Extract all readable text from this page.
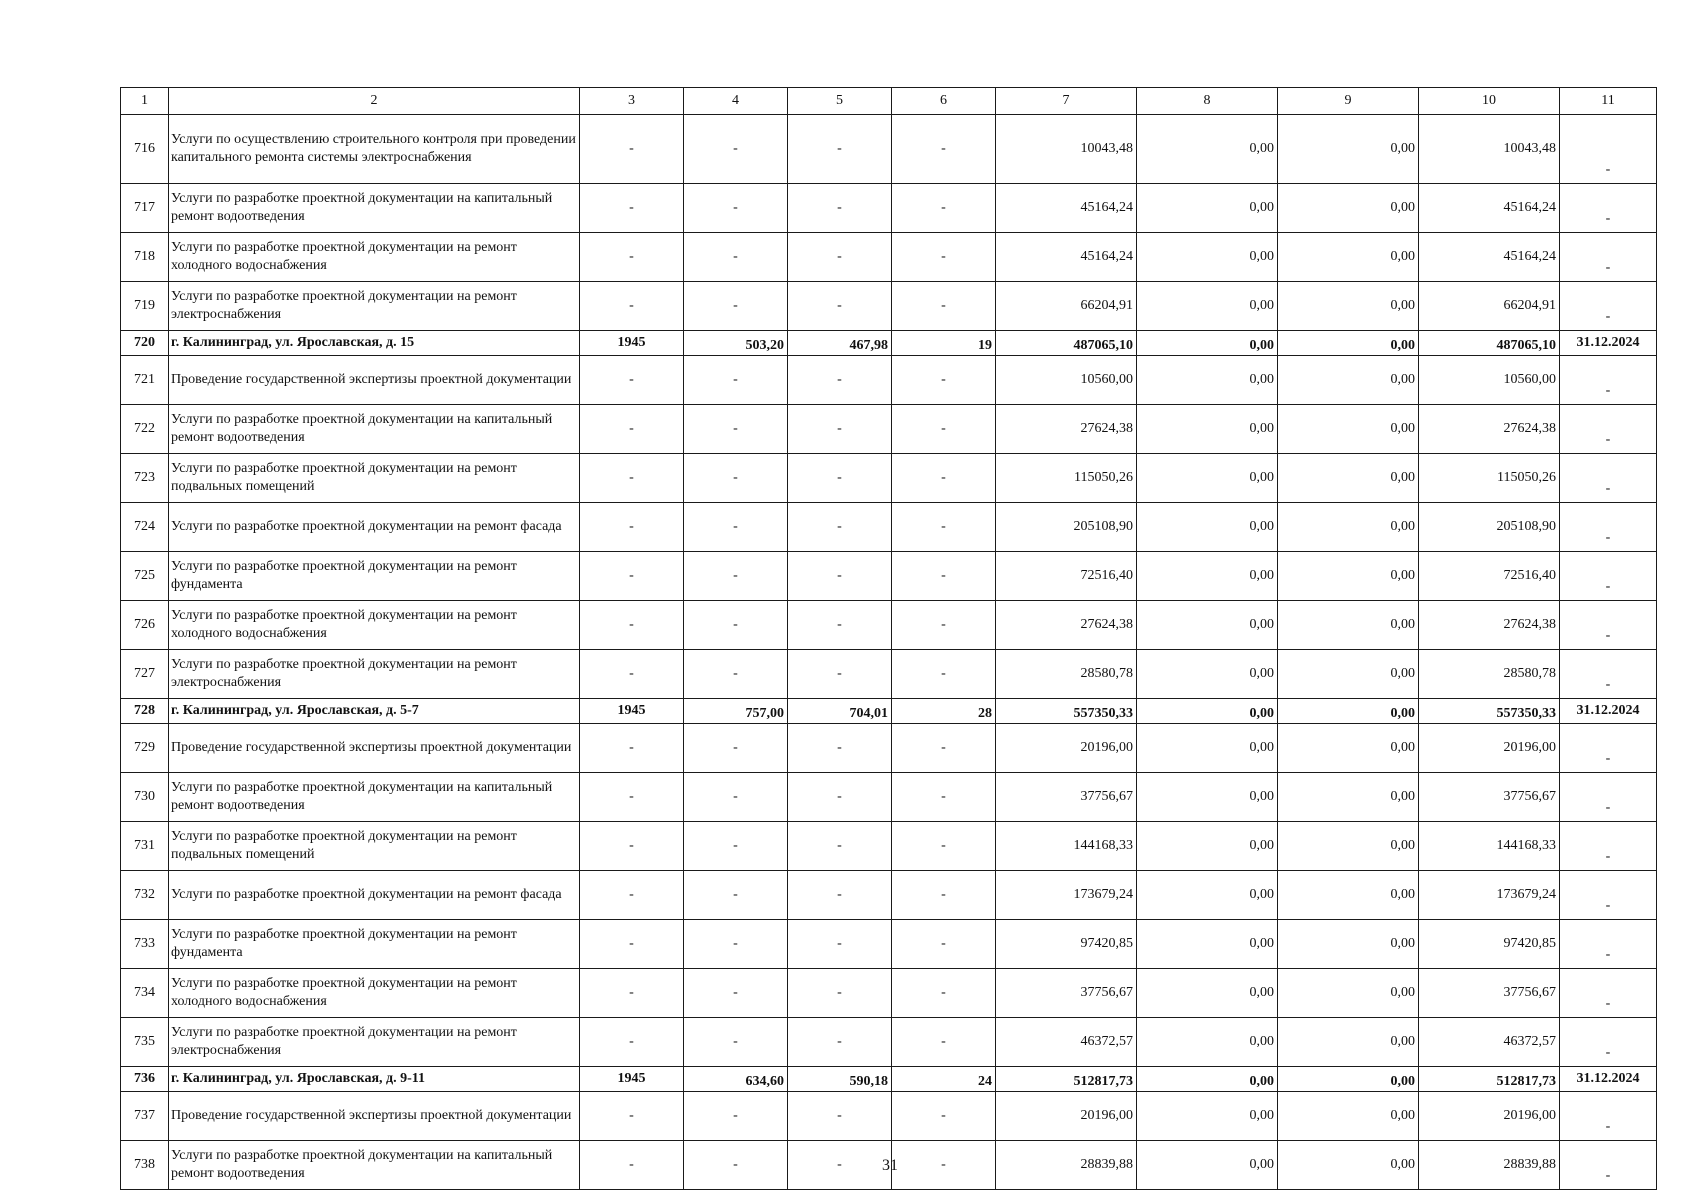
1	2	3	4	5	6	7	8	9	10	11
716	Услуги по осуществлению строительного контроля при проведении капитального ремонта системы электроснабжения	-	-	-	-	10043,48	0,00	0,00	10043,48	-
717	Услуги по разработке проектной документации на капитальный ремонт водоотведения	-	-	-	-	45164,24	0,00	0,00	45164,24	-
718	Услуги по разработке проектной документации на ремонт холодного водоснабжения	-	-	-	-	45164,24	0,00	0,00	45164,24	-
719	Услуги по разработке проектной документации на ремонт электроснабжения	-	-	-	-	66204,91	0,00	0,00	66204,91	-
720	г. Калининград, ул. Ярославская, д. 15	1945	503,20	467,98	19	487065,10	0,00	0,00	487065,10	31.12.2024
721	Проведение государственной экспертизы проектной документации	-	-	-	-	10560,00	0,00	0,00	10560,00	-
722	Услуги по разработке проектной документации на капитальный ремонт водоотведения	-	-	-	-	27624,38	0,00	0,00	27624,38	-
723	Услуги по разработке проектной документации на ремонт подвальных помещений	-	-	-	-	115050,26	0,00	0,00	115050,26	-
724	Услуги по разработке проектной документации на ремонт фасада	-	-	-	-	205108,90	0,00	0,00	205108,90	-
725	Услуги по разработке проектной документации на ремонт фундамента	-	-	-	-	72516,40	0,00	0,00	72516,40	-
726	Услуги по разработке проектной документации на ремонт холодного водоснабжения	-	-	-	-	27624,38	0,00	0,00	27624,38	-
727	Услуги по разработке проектной документации на ремонт электроснабжения	-	-	-	-	28580,78	0,00	0,00	28580,78	-
728	г. Калининград, ул. Ярославская, д. 5-7	1945	757,00	704,01	28	557350,33	0,00	0,00	557350,33	31.12.2024
729	Проведение государственной экспертизы проектной документации	-	-	-	-	20196,00	0,00	0,00	20196,00	-
730	Услуги по разработке проектной документации на капитальный ремонт водоотведения	-	-	-	-	37756,67	0,00	0,00	37756,67	-
731	Услуги по разработке проектной документации на ремонт подвальных помещений	-	-	-	-	144168,33	0,00	0,00	144168,33	-
732	Услуги по разработке проектной документации на ремонт фасада	-	-	-	-	173679,24	0,00	0,00	173679,24	-
733	Услуги по разработке проектной документации на ремонт фундамента	-	-	-	-	97420,85	0,00	0,00	97420,85	-
734	Услуги по разработке проектной документации на ремонт холодного водоснабжения	-	-	-	-	37756,67	0,00	0,00	37756,67	-
735	Услуги по разработке проектной документации на ремонт электроснабжения	-	-	-	-	46372,57	0,00	0,00	46372,57	-
736	г. Калининград, ул. Ярославская, д. 9-11	1945	634,60	590,18	24	512817,73	0,00	0,00	512817,73	31.12.2024
737	Проведение государственной экспертизы проектной документации	-	-	-	-	20196,00	0,00	0,00	20196,00	-
738	Услуги по разработке проектной документации на капитальный ремонт водоотведения	-	-	-	-	28839,88	0,00	0,00	28839,88	-
31
